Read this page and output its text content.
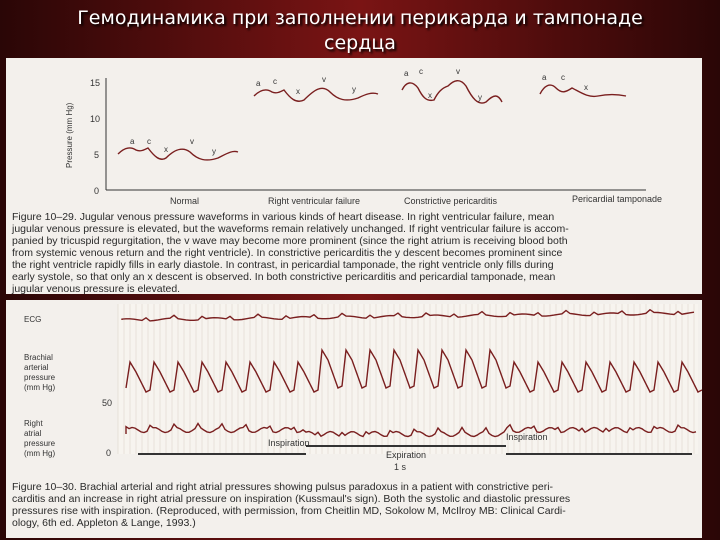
Гемодинамика при заполнении перикарда и тампонаде
сердца
15
10
5
0
Pressure (mm Hg)	a c
x
v
y
a c
x
v
y
a c
x
v
y
a c
x
Normal	Right ventricular failure	Constrictive pericarditis	Pericardial tamponade
Figure 10–29. Jugular venous pressure waveforms in various kinds of heart disease. In right ventricular failure, mean
jugular venous pressure is elevated, but the waveforms remain relatively unchanged. If right ventricular failure is accom-
panied by tricuspid regurgitation, the v wave may become more prominent (since the right atrium is receiving blood both
from systemic venous return and the right ventricle). In constrictive pericarditis the y descent becomes prominent since
the right ventricle rapidly fills in early diastole. In contrast, in pericardial tamponade, the right ventricle only fills during
early systole, so that only an x descent is observed. In both constrictive pericarditis and pericardial tamponade, mean
jugular venous pressure is elevated.
ECG
Brachial
arterial
pressure
(mm Hg)
Right
atrial
pressure
(mm Hg)
50
0
Inspiration
Expiration
Inspiration
1 s
Figure 10–30. Brachial arterial and right atrial pressures showing pulsus paradoxus in a patient with constrictive peri-
carditis and an increase in right atrial pressure on inspiration (Kussmaul's sign). Both the systolic and diastolic pressures
pressures rise with inspiration. (Reproduced, with permission, from Cheitlin MD, Sokolow M, McIlroy MB: Clinical Cardi-
ology, 6th ed. Appleton & Lange, 1993.)
